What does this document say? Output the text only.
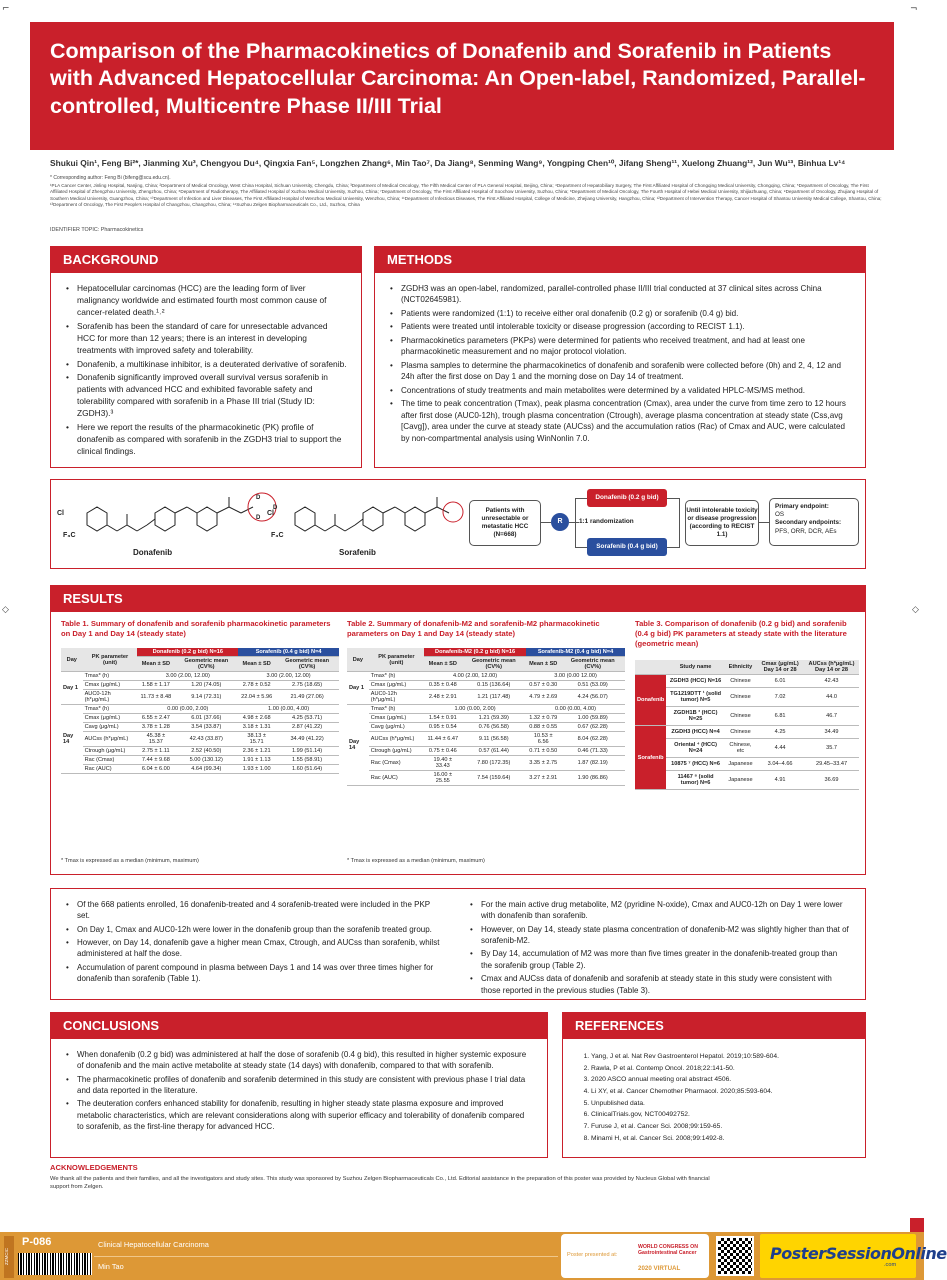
⌐	¬
◇	◇
Comparison of the Pharmacokinetics of Donafenib and Sorafenib in Patients with Advanced Hepatocellular Carcinoma: An Open-label, Randomized, Parallel-controlled, Multicentre Phase II/III Trial
Shukui Qin¹, Feng Bi²*, Jianming Xu³, Chengyou Du⁴, Qingxia Fan⁵, Longzhen Zhang⁶, Min Tao⁷, Da Jiang⁸, Senming Wang⁹, Yongping Chen¹⁰, Jifang Sheng¹¹, Xuelong Zhuang¹², Jun Wu¹³, Binhua Lv¹⁴
* Corresponding author: Feng Bi (bifeng@scu.edu.cn).
¹PLA Cancer Center, Jinling Hospital, Nanjing, China; ²Department of Medical Oncology, West China Hospital, Sichuan University, Chengdu, China; ³Department of Medical Oncology, The Fifth Medical Center of PLA General Hospital, Beijing, China; ⁴Department of Hepatobiliary Surgery, The First Affiliated Hospital of Chongqing Medical University, Chongqing, China; ⁵Department of Oncology, The First Affiliated Hospital of Zhengzhou University, Zhengzhou, China; ⁶Department of Radiotherapy, The Affiliated Hospital of Xuzhou Medical University, Xuzhou, China; ⁷Department of Oncology, The First Affiliated Hospital of Soochow University, Suzhou, China; ⁸Department of Medical Oncology, The Fourth Hospital of Hebei Medical University, Shijiazhuang, China; ⁹Department of Oncology, Zhujiang Hospital of Southern Medical University, Guangzhou, China; ¹⁰Department of Infection and Liver Diseases, The First Affiliated Hospital of Wenzhou Medical University, Wenzhou, China; ¹¹Department of Infectious Diseases, The First Affiliated Hospital, College of Medicine, Zhejiang University, Hangzhou, China; ¹²Department of Intervention Therapy, Cancer Hospital of Shantou University Medical College, Shantou, China; ¹³Department of Oncology, The First People's Hospital of Changzhou, Changzhou, China; ¹⁴Suzhou Zelgen Biopharmaceuticals Co., Ltd., Suzhou, China
IDENTIFIER TOPIC: Pharmacokinetics
BACKGROUND
• Hepatocellular carcinomas (HCC) are the leading form of liver malignancy worldwide and estimated fourth most common cause of cancer-related death.¹˒²
• Sorafenib has been the standard of care for unresectable advanced HCC for more than 12 years; there is an interest in developing treatments with improved safety and tolerability.
• Donafenib, a multikinase inhibitor, is a deuterated derivative of sorafenib.
• Donafenib significantly improved overall survival versus sorafenib in patients with advanced HCC and exhibited favorable safety and tolerability compared with sorafenib in a Phase III trial (Study ID: ZGDH3).³
• Here we report the results of the pharmacokinetic (PK) profile of donafenib as compared with sorafenib in the ZGDH3 trial to support the clinical findings.
METHODS
• ZGDH3 was an open-label, randomized, parallel-controlled phase II/III trial conducted at 37 clinical sites across China (NCT02645981).
• Patients were randomized (1:1) to receive either oral donafenib (0.2 g) or sorafenib (0.4 g) bid.
• Patients were treated until intolerable toxicity or disease progression (according to RECIST 1.1).
• Pharmacokinetics parameters (PKPs) were determined for patients who received treatment, and had at least one pharmacokinetic measurement and no major protocol violation.
• Plasma samples to determine the pharmacokinetics of donafenib and sorafenib were collected before (0h) and 2, 4, 12 and 24h after the first dose on Day 1 and the morning dose on Day 14 of treatment.
• Concentrations of study treatments and main metabolites were determined by a validated HPLC-MS/MS method.
• The time to peak concentration (Tmax), peak plasma concentration (Cmax), area under the curve from time zero to 12 hours after first dose (AUC0-12h), trough plasma concentration (Ctrough), average plasma concentration at steady state (Css,avg [Cavg]), area under the curve at steady state (AUCss) and the accumulation ratios (Rac) of Cmax and AUC, were calculated by non-compartmental analysis using WinNonlin 7.0.
Cl
F₃C
D
D
D
Donafenib
Cl
F₃C
Sorafenib
Patients with unresectable or metastatic HCC (N=668)
R	1:1 randomization
Donafenib (0.2 g bid)
Sorafenib (0.4 g bid)
Until intolerable toxicity or disease progression (according to RECIST 1.1)
Primary endpoint:
OS
Secondary endpoints:
PFS, ORR, DCR, AEs
RESULTS
Table 1. Summary of donafenib and sorafenib pharmacokinetic parameters on Day 1 and Day 14 (steady state)
Day	PK parameter (unit)	Donafenib (0.2 g bid) N=16		Sorafenib (0.4 g bid) N=4	
		Mean ± SD	Geometric mean (CV%)	Mean ± SD	Geometric mean (CV%)
Day 1	Tmax* (h)	3.00 (2.00, 12.00)		3.00 (2.00, 12.00)	
	Cmax (μg/mL)	1.58 ± 1.17	1.20 (74.05)	2.78 ± 0.52	2.75 (18.65)
	AUC0-12h (h*μg/mL)	11.73 ± 8.48	9.14 (72.31)	22.04 ± 5.96	21.49 (27.06)
Day 14	Tmax* (h)	0.00 (0.00, 2.00)		1.00 (0.00, 4.00)	
	Cmax (μg/mL)	6.55 ± 2.47	6.01 (37.66)	4.98 ± 2.68	4.25 (53.71)
	Cavg (μg/mL)	3.78 ± 1.28	3.54 (33.87)	3.18 ± 1.31	2.87 (41.22)
	AUCss (h*μg/mL)	45.38 ± 15.37	42.43 (33.87)	38.13 ± 15.71	34.49 (41.22)
	Ctrough (μg/mL)	2.75 ± 1.11	2.52 (40.50)	2.36 ± 1.21	1.99 (51.14)
	Rac (Cmax)	7.44 ± 9.68	5.00 (130.12)	1.91 ± 1.13	1.55 (58.91)
	Rac (AUC)	6.04 ± 6.00	4.64 (99.34)	1.93 ± 1.00	1.60 (51.64)
* Tmax is expressed as a median (minimum, maximum)
Table 2. Summary of donafenib-M2 and sorafenib-M2 pharmacokinetic parameters on Day 1 and Day 14 (steady state)
Day	PK parameter (unit)	Donafenib-M2 (0.2 g bid) N=16		Sorafenib-M2 (0.4 g bid) N=4	
		Mean ± SD	Geometric mean (CV%)	Mean ± SD	Geometric mean (CV%)
Day 1	Tmax* (h)	4.00 (2.00, 12.00)		3.00 (0.00 12.00)	
	Cmax (μg/mL)	0.35 ± 0.48	0.15 (136.64)	0.57 ± 0.30	0.51 (53.09)
	AUC0-12h (h*μg/mL)	2.48 ± 2.91	1.21 (117.48)	4.79 ± 2.69	4.24 (56.07)
Day 14	Tmax* (h)	1.00 (0.00, 2.00)		0.00 (0.00, 4.00)	
	Cmax (μg/mL)	1.54 ± 0.91	1.21 (59.39)	1.32 ± 0.79	1.00 (59.89)
	Cavg (μg/mL)	0.95 ± 0.54	0.76 (56.58)	0.88 ± 0.55	0.67 (62.28)
	AUCss (h*μg/mL)	11.44 ± 6.47	9.11 (56.58)	10.53 ± 6.56	8.04 (62.28)
	Ctrough (μg/mL)	0.75 ± 0.46	0.57 (61.44)	0.71 ± 0.50	0.46 (71.33)
	Rac (Cmax)	19.40 ± 33.43	7.80 (172.35)	3.35 ± 2.75	1.87 (82.19)
	Rac (AUC)	16.00 ± 25.55	7.54 (159.64)	3.27 ± 2.91	1.90 (86.86)
* Tmax is expressed as a median (minimum, maximum)
Table 3. Comparison of donafenib (0.2 g bid) and sorafenib (0.4 g bid) PK parameters at steady state with the literature (geometric mean)
	Study name	Ethnicity	Cmax (μg/mL) Day 14 or 28	AUCss (h*μg/mL) Day 14 or 28
Donafenib	ZGDH3 (HCC) N=16	Chinese	6.01	42.43
	TG1219DTT ¹ (solid tumor) N=5	Chinese	7.02	44.0
	ZGDH1B ³ (HCC) N=25	Chinese	6.81	46.7
Sorafenib	ZGDH3 (HCC) N=4	Chinese	4.25	34.49
	Oriental ⁴ (HCC) N=24	Chinese, etc	4.44	35.7
	10875 ⁷ (HCC) N=6	Japanese	3.04–4.66	29.45–33.47
	11467 ⁸ (solid tumor) N=6	Japanese	4.91	36.69
• Of the 668 patients enrolled, 16 donafenib-treated and 4 sorafenib-treated were included in the PKP set.
• On Day 1, Cmax and AUC0-12h were lower in the donafenib group than the sorafenib treated group.
• However, on Day 14, donafenib gave a higher mean Cmax, Ctrough, and AUCss than sorafenib, whilst administered at half the dose.
• Accumulation of parent compound in plasma between Days 1 and 14 was over three times higher for donafenib than sorafenib (Table 1).
• For the main active drug metabolite, M2 (pyridine N-oxide), Cmax and AUC0-12h on Day 1 were lower with donafenib than sorafenib.
• However, on Day 14, steady state plasma concentration of donafenib-M2 was slightly higher than that of sorafenib-M2.
• By Day 14, accumulation of M2 was more than five times greater in the donafenib-treated group than the sorafenib group (Table 2).
• Cmax and AUCss data of donafenib and sorafenib at steady state in this study were consistent with those reported in the previous studies (Table 3).
CONCLUSIONS
• When donafenib (0.2 g bid) was administered at half the dose of sorafenib (0.4 g bid), this resulted in higher systemic exposure of donafenib and the main active metabolite at steady state (14 days) with donafenib, compared to that with sorafenib.
• The pharmacokinetic profiles of donafenib and sorafenib determined in this study are consistent with previous phase I trial data and data reported in the literature.
• The deuteration confers enhanced stability for donafenib, resulting in higher steady state plasma exposure and improved metabolic characteristics, which are relevant considerations along with superior efficacy and tolerability of donafenib compared to sorafenib, as the first-line therapy for advanced HCC.
REFERENCES
1. Yang, J et al. Nat Rev Gastroenterol Hepatol. 2019;10:589-604.
2. Rawla, P et al. Contemp Oncol. 2018;22:141-50.
3. 2020 ASCO annual meeting oral abstract 4506.
4. Li XY, et al. Cancer Chemother Pharmacol. 2020;85:593-604.
5. Unpublished data.
6. ClinicalTrials.gov, NCT00492752.
7. Furuse J, et al. Cancer Sci. 2008;99:159-65.
8. Minami H, et al. Cancer Sci. 2008;99:1492-8.
ACKNOWLEDGEMENTS
We thank all the patients and their families, and all the investigators and study sites. This study was sponsored by Suzhou Zelgen Biopharmaceuticals Co., Ltd. Editorial assistance in the preparation of this poster was provided by Nucleus Global with financial support from Zelgen.
ZZMCIC
P-086	Clinical Hepatocellular Carcinoma
Min Tao
Poster presented at:
WORLD CONGRESS ON Gastrointestinal Cancer
2020 VIRTUAL
PosterSessionOnline
.com
